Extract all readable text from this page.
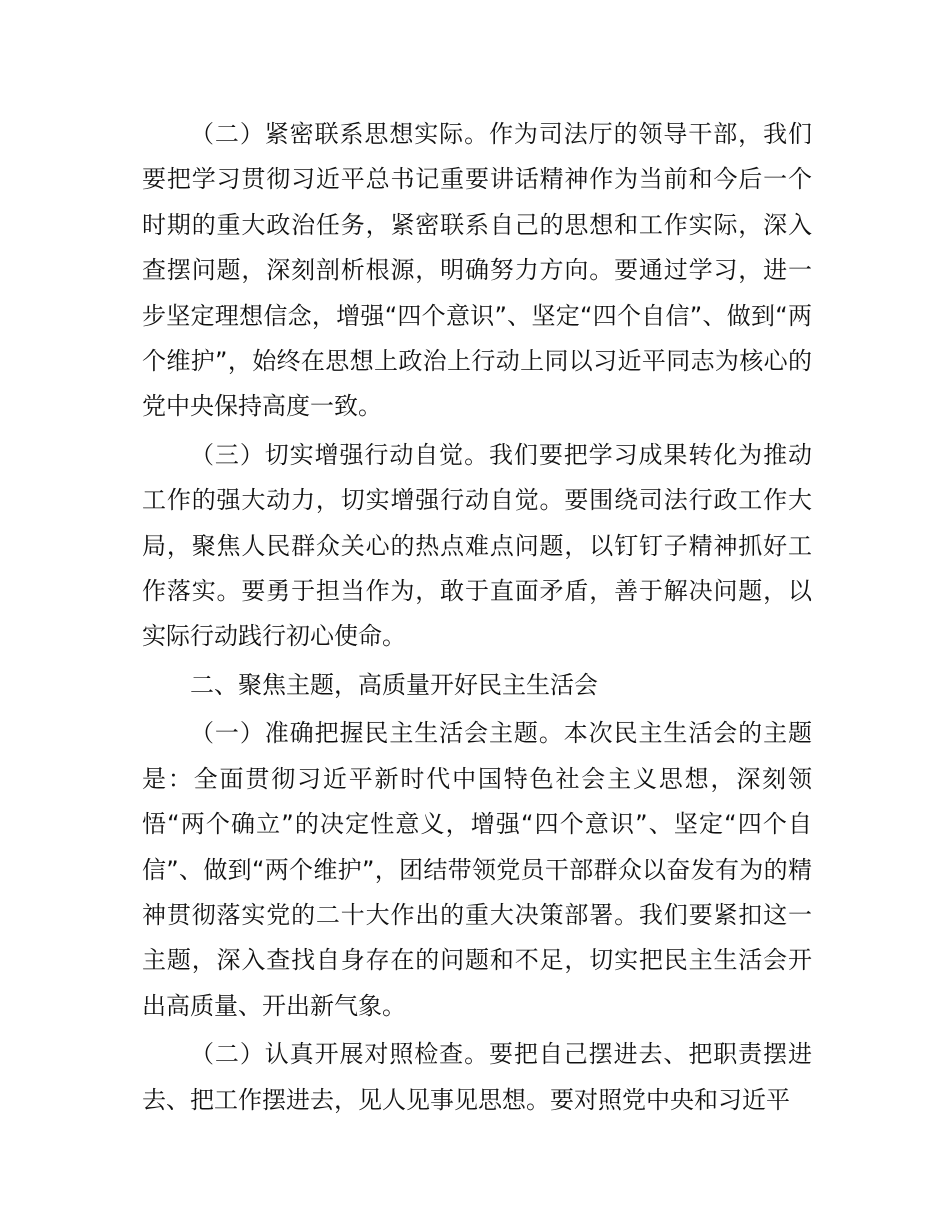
（二）紧密联系思想实际。作为司法厅的领导干部，我们要把学习贯彻习近平总书记重要讲话精神作为当前和今后一个时期的重大政治任务，紧密联系自己的思想和工作实际，深入查摆问题，深刻剖析根源，明确努力方向。要通过学习，进一步坚定理想信念，增强“四个意识”、坚定“四个自信”、做到“两个维护”，始终在思想上政治上行动上同以习近平同志为核心的党中央保持高度一致。

（三）切实增强行动自觉。我们要把学习成果转化为推动工作的强大动力，切实增强行动自觉。要围绕司法行政工作大局，聚焦人民群众关心的热点难点问题，以钉钉子精神抓好工作落实。要勇于担当作为，敢于直面矛盾，善于解决问题，以实际行动践行初心使命。

二、聚焦主题，高质量开好民主生活会

（一）准确把握民主生活会主题。本次民主生活会的主题是：全面贯彻习近平新时代中国特色社会主义思想，深刻领悟“两个确立”的决定性意义，增强“四个意识”、坚定“四个自信”、做到“两个维护”，团结带领党员干部群众以奋发有为的精神贯彻落实党的二十大作出的重大决策部署。我们要紧扣这一主题，深入查找自身存在的问题和不足，切实把民主生活会开出高质量、开出新气象。

（二）认真开展对照检查。要把自己摆进去、把职责摆进去、把工作摆进去，见人见事见思想。要对照党中央和习近平
